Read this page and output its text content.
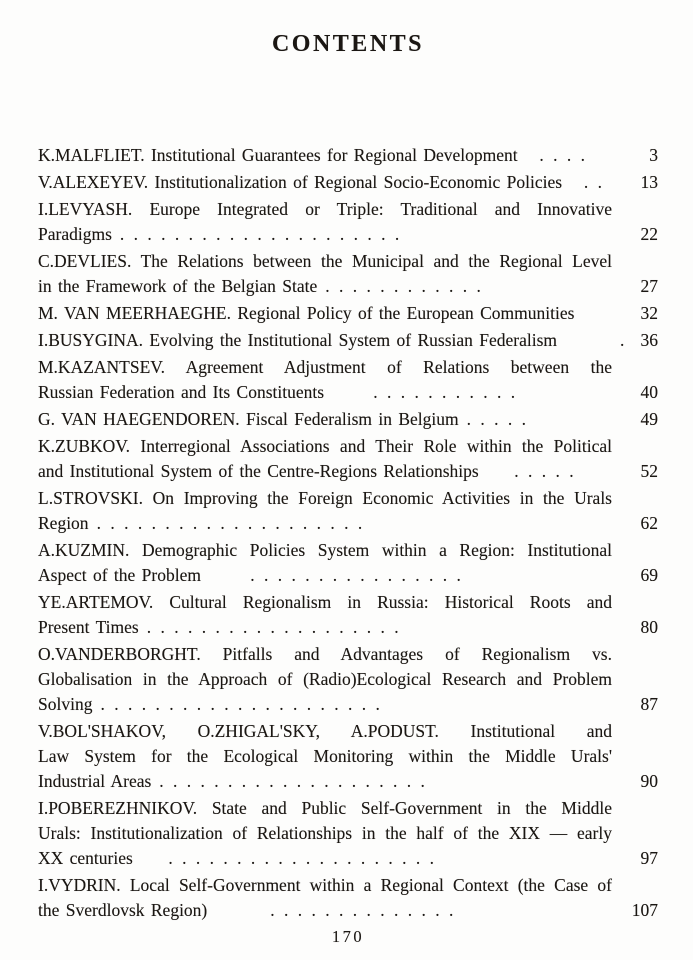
CONTENTS
K.MALFLIET. Institutional Guarantees for Regional Development  . . . .	3
V.ALEXEYEV. Institutionalization of Regional Socio-Economic Policies  . . 13
I.LEVYASH. Europe Integrated or Triple: Traditional and Innovative
Paradigms . . . . . . . . . . . . . . . . . . . . .	22
C.DEVLIES. The Relations between the Municipal and the Regional Level
in the Framework of the Belgian State . . . . . . . . . . . .	27
M. VAN MEERHAEGHE. Regional Policy of the European Communities	32
I.BUSYGINA. Evolving the Institutional System of Russian Federalism        . 36
M.KAZANTSEV. Agreement Adjustment of Relations between the
Russian Federation and Its Constituents      . . . . . . . . . . .	40
G. VAN HAEGENDOREN. Fiscal Federalism in Belgium . . . . .	49
K.ZUBKOV. Interregional Associations and Their Role within the Political
and Institutional System of the Centre-Regions Relationships    . . . . .	52
L.STROVSKI. On Improving the Foreign Economic Activities in the Urals
Region . . . . . . . . . . . . . . . . . . . .	62
A.KUZMIN. Demographic Policies System within a Region: Institutional
Aspect of the Problem      . . . . . . . . . . . . . . . .	69
YE.ARTEMOV. Cultural Regionalism in Russia: Historical Roots and
Present Times . . . . . . . . . . . . . . . . . . .	80
O.VANDERBORGHT. Pitfalls and Advantages of Regionalism vs.
Globalisation in the Approach of (Radio)Ecological Research and Problem
Solving . . . . . . . . . . . . . . . . . . . . .	87
V.BOL'SHAKOV, O.ZHIGAL'SKY, A.PODUST. Institutional and
Law System for the Ecological Monitoring within the Middle Urals'
Industrial Areas . . . . . . . . . . . . . . . . . . . .	90
I.POBEREZHNIKOV. State and Public Self-Government in the Middle
Urals: Institutionalization of Relationships in the half of the XIX — early
XX centuries    . . . . . . . . . . . . . . . . . . . .	97
I.VYDRIN. Local Self-Government within a Regional Context (the Case of
the Sverdlovsk Region)        . . . . . . . . . . . . . .	107
170
